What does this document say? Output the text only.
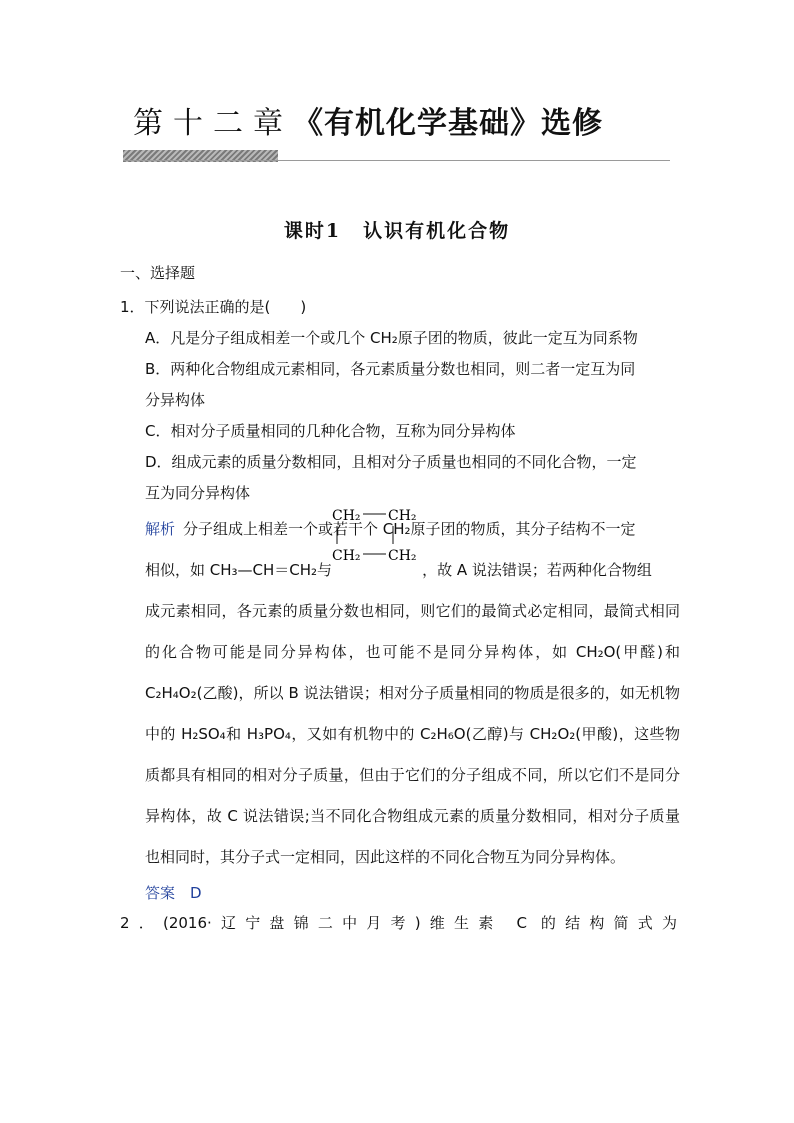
第十二章《有机化学基础》选修
课时1 认识有机化合物

一、选择题

1．下列说法正确的是(　　)

A．凡是分子组成相差一个或几个 CH₂原子团的物质，彼此一定互为同系物

B．两种化合物组成元素相同，各元素质量分数也相同，则二者一定互为同

分异构体

C．相对分子质量相同的几种化合物，互称为同分异构体

D．组成元素的质量分数相同，且相对分子质量也相同的不同化合物，一定

互为同分异构体

解析 分子组成上相差一个或若干个 CH₂原子团的物质，其分子结构不一定
相似，如 CH₃—CH＝CH₂与
CH₂ CH₂
CH₂ CH₂
，故 A 说法错误；若两种化合物组
成元素相同，各元素的质量分数也相同，则它们的最简式必定相同，最简式相同的化合物可能是同分异构体，也可能不是同分异构体，如 CH₂O(甲醛)和 C₂H₄O₂(乙酸)，所以 B 说法错误；相对分子质量相同的物质是很多的，如无机物中的 H₂SO₄和 H₃PO₄，又如有机物中的 C₂H₆O(乙醇)与 CH₂O₂(甲酸)，这些物质都具有相同的相对分子质量，但由于它们的分子组成不同，所以它们不是同分异构体，故 C 说法错误;当不同化合物组成元素的质量分数相同，相对分子质量也相同时，其分子式一定相同，因此这样的不同化合物互为同分异构体。

答案　D

2．(2016·辽宁盘锦二中月考)维生素 C 的结构简式为
